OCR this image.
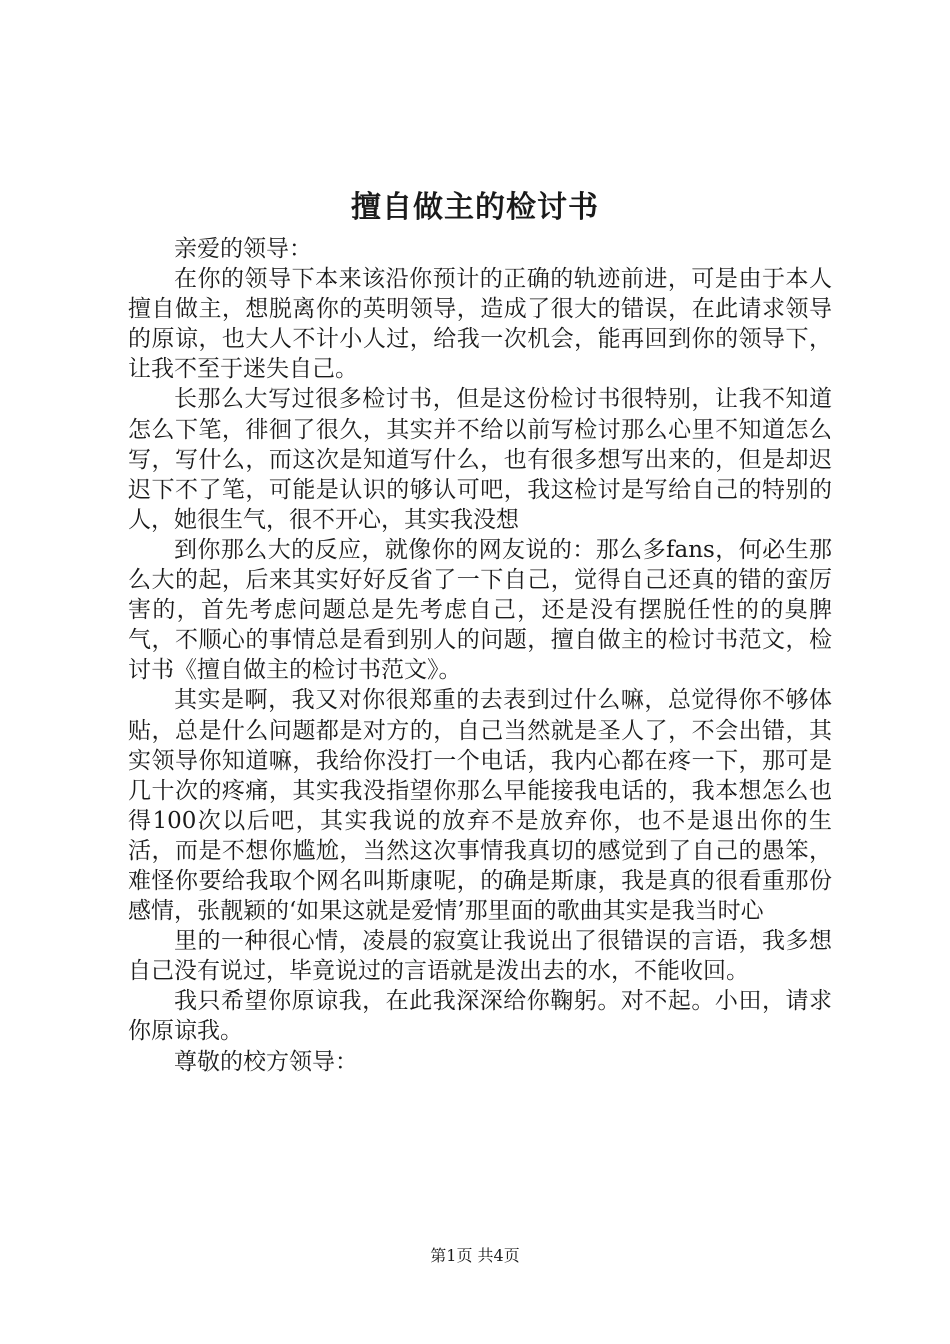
擅自做主的检讨书

亲爱的领导：

在你的领导下本来该沿你预计的正确的轨迹前进，可是由于本人擅自做主，想脱离你的英明领导，造成了很大的错误，在此请求领导的原谅，也大人不计小人过，给我一次机会，能再回到你的领导下，让我不至于迷失自己。

长那么大写过很多检讨书，但是这份检讨书很特别，让我不知道怎么下笔，徘徊了很久，其实并不给以前写检讨那么心里不知道怎么写，写什么，而这次是知道写什么，也有很多想写出来的，但是却迟迟下不了笔，可能是认识的够认可吧，我这检讨是写给自己的特别的人，她很生气，很不开心，其实我没想

到你那么大的反应，就像你的网友说的：那么多fans，何必生那么大的起，后来其实好好反省了一下自己，觉得自己还真的错的蛮厉害的，首先考虑问题总是先考虑自己，还是没有摆脱任性的的臭脾气，不顺心的事情总是看到别人的问题，擅自做主的检讨书范文，检讨书《擅自做主的检讨书范文》。

其实是啊，我又对你很郑重的去表到过什么嘛，总觉得你不够体贴，总是什么问题都是对方的，自己当然就是圣人了，不会出错，其实领导你知道嘛，我给你没打一个电话，我内心都在疼一下，那可是几十次的疼痛，其实我没指望你那么早能接我电话的，我本想怎么也得100次以后吧，其实我说的放弃不是放弃你，也不是退出你的生活，而是不想你尴尬，当然这次事情我真切的感觉到了自己的愚笨，难怪你要给我取个网名叫斯康呢，的确是斯康，我是真的很看重那份感情，张靓颖的‘如果这就是爱情’那里面的歌曲其实是我当时心

里的一种很心情，凌晨的寂寞让我说出了很错误的言语，我多想自己没有说过，毕竟说过的言语就是泼出去的水，不能收回。

我只希望你原谅我，在此我深深给你鞠躬。对不起。小田，请求你原谅我。

尊敬的校方领导：

第1页 共4页
